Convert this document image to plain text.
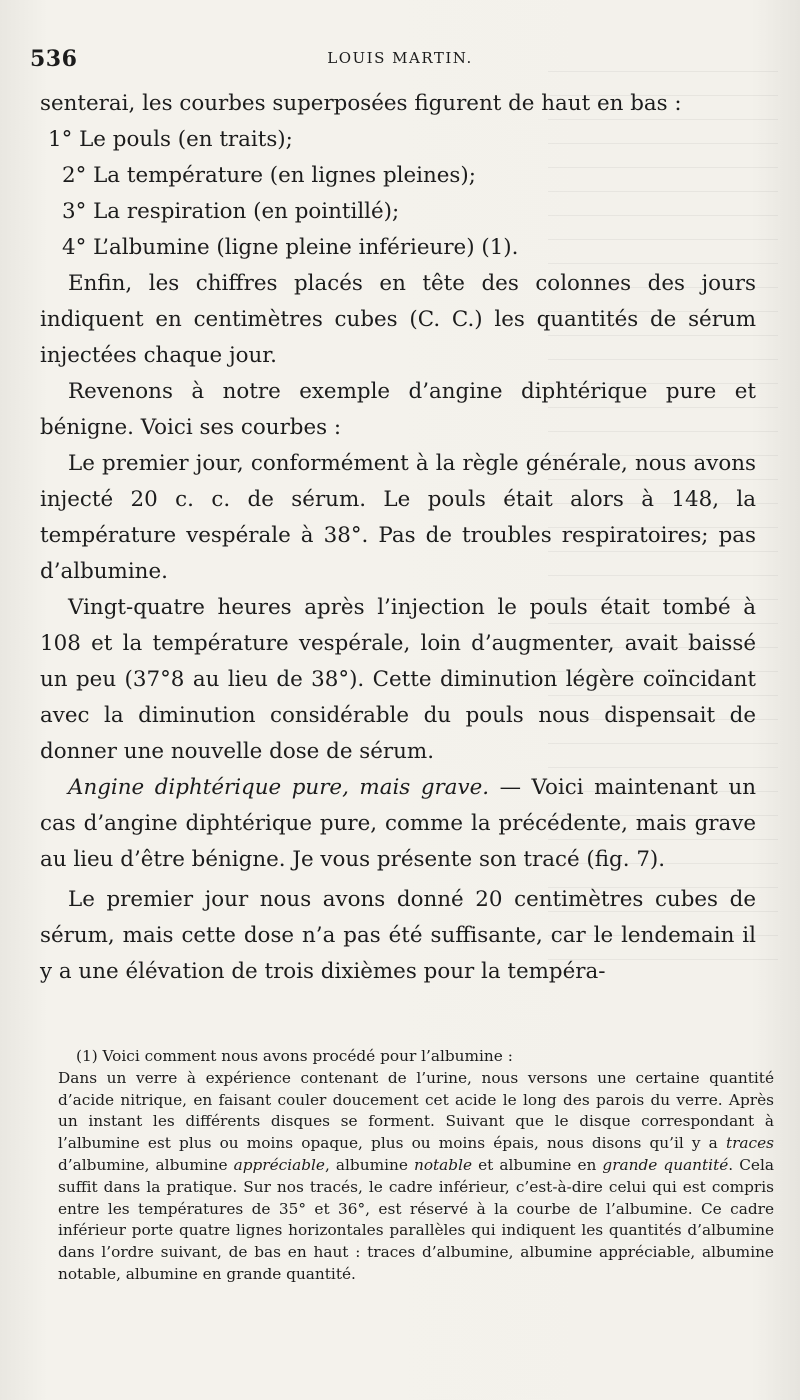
536	LOUIS MARTIN.

senterai, les courbes superposées figurent de haut en bas :
1° Le pouls (en traits);
2° La température (en lignes pleines);
3° La respiration (en pointillé);
4° L’albumine (ligne pleine inférieure) (1).

Enfin, les chiffres placés en tête des colonnes des jours indiquent en centimètres cubes (C. C.) les quantités de sérum injectées chaque jour.

Revenons à notre exemple d’angine diphtérique pure et bénigne. Voici ses courbes :

Le premier jour, conformément à la règle générale, nous avons injecté 20 c. c. de sérum. Le pouls était alors à 148, la température vespérale à 38°. Pas de troubles respiratoires; pas d’albumine.

Vingt-quatre heures après l’injection le pouls était tombé à 108 et la température vespérale, loin d’augmenter, avait baissé un peu (37°8 au lieu de 38°). Cette diminution légère coïncidant avec la diminution considérable du pouls nous dispensait de donner une nouvelle dose de sérum.

Angine diphtérique pure, mais grave. — Voici maintenant un cas d’angine diphtérique pure, comme la précédente, mais grave au lieu d’être bénigne. Je vous présente son tracé (fig. 7).

Le premier jour nous avons donné 20 centimètres cubes de sérum, mais cette dose n’a pas été suffisante, car le lendemain il y a une élévation de trois dixièmes pour la tempéra-

(1) Voici comment nous avons procédé pour l’albumine :

Dans un verre à expérience contenant de l’urine, nous versons une certaine quantité d’acide nitrique, en faisant couler doucement cet acide le long des parois du verre. Après un instant les différents disques se forment. Suivant que le disque correspondant à l’albumine est plus ou moins opaque, plus ou moins épais, nous disons qu’il y a traces d’albumine, albumine appréciable, albumine notable et albumine en grande quantité. Cela suffit dans la pratique. Sur nos tracés, le cadre inférieur, c’est-à-dire celui qui est compris entre les températures de 35° et 36°, est réservé à la courbe de l’albumine. Ce cadre inférieur porte quatre lignes horizontales parallèles qui indiquent les quantités d’albumine dans l’ordre suivant, de bas en haut : traces d’albumine, albumine appréciable, albumine notable, albumine en grande quantité.
